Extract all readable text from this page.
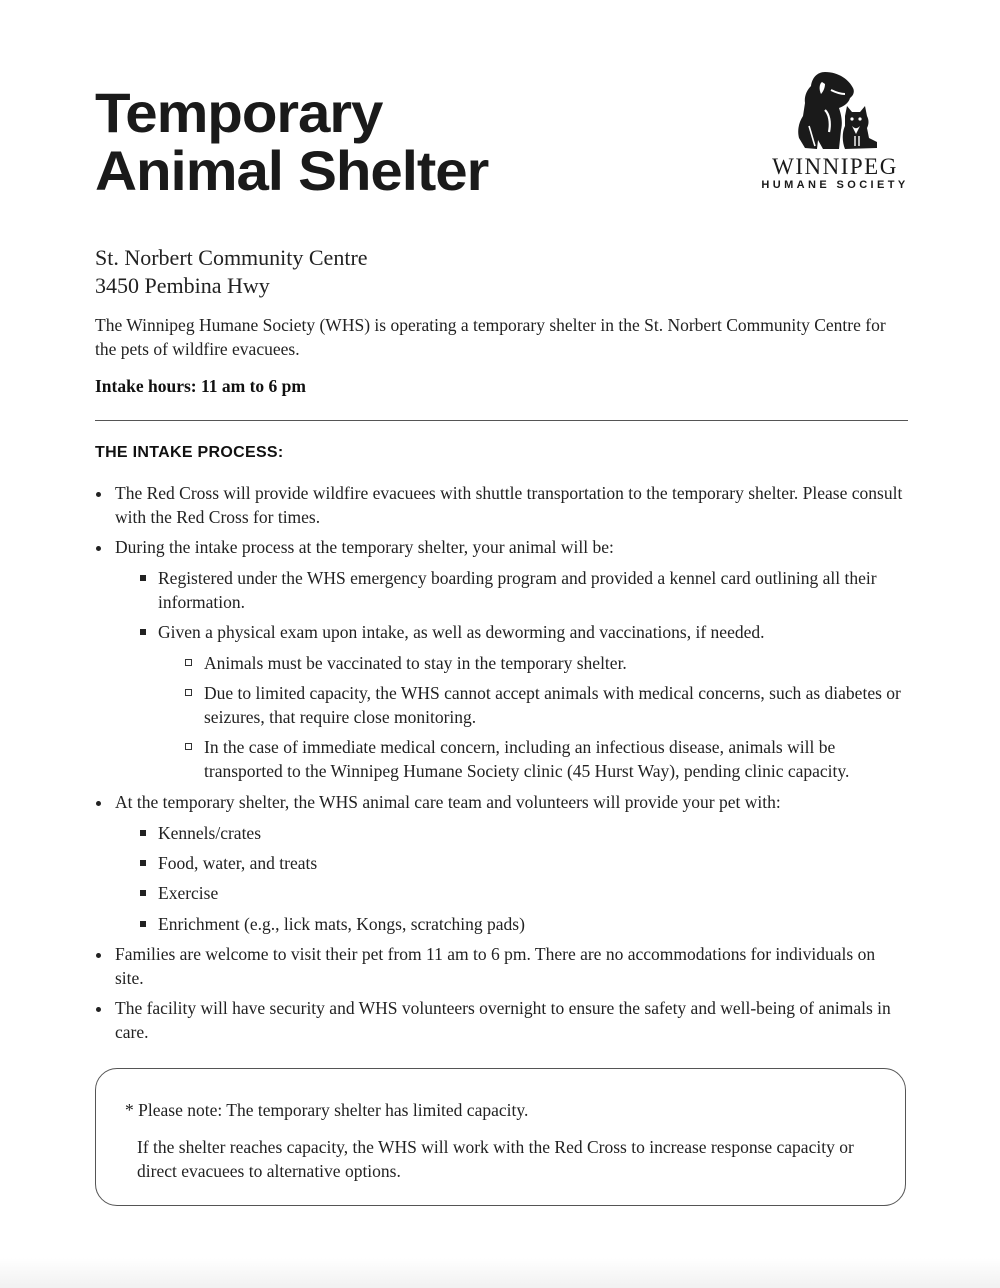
Temporary
Animal Shelter	WINNIPEG
HUMANE SOCIETY

St. Norbert Community Centre
3450 Pembina Hwy

The Winnipeg Humane Society (WHS) is operating a temporary shelter in the St. Norbert Community Centre for the pets of wildfire evacuees.

Intake hours: 11 am to 6 pm

THE INTAKE PROCESS:
The Red Cross will provide wildfire evacuees with shuttle transportation to the temporary shelter. Please consult with the Red Cross for times.
During the intake process at the temporary shelter, your animal will be:
Registered under the WHS emergency boarding program and provided a kennel card outlining all their information.
Given a physical exam upon intake, as well as deworming and vaccinations, if needed.
Animals must be vaccinated to stay in the temporary shelter.
Due to limited capacity, the WHS cannot accept animals with medical concerns, such as diabetes or seizures, that require close monitoring.
In the case of immediate medical concern, including an infectious disease, animals will be transported to the Winnipeg Humane Society clinic (45 Hurst Way), pending clinic capacity.
At the temporary shelter, the WHS animal care team and volunteers will provide your pet with:
Kennels/crates
Food, water, and treats
Exercise
Enrichment (e.g., lick mats, Kongs, scratching pads)
Families are welcome to visit their pet from 11 am to 6 pm. There are no accommodations for individuals on site.
The facility will have security and WHS volunteers overnight to ensure the safety and well-being of animals in care.

* Please note: The temporary shelter has limited capacity.

If the shelter reaches capacity, the WHS will work with the Red Cross to increase response capacity or direct evacuees to alternative options.
